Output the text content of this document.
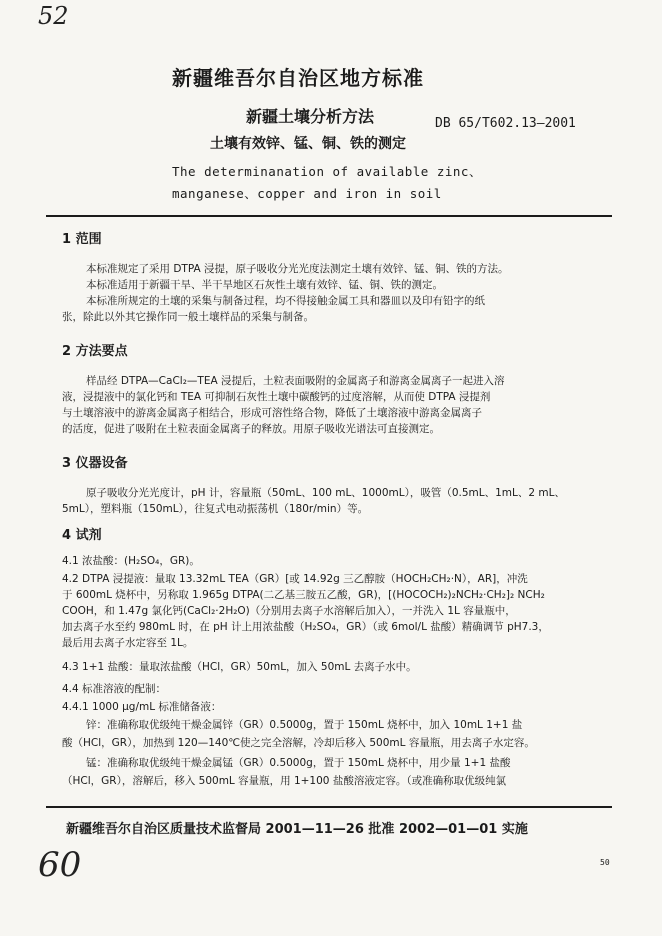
52
新疆维吾尔自治区地方标准
新疆土壤分析方法	DB 65/T602.13—2001
土壤有效锌、锰、铜、铁的测定
The determinanation of available zinc、
manganese、copper and iron in soil
1 范围
本标准规定了采用 DTPA 浸提，原子吸收分光光度法测定土壤有效锌、锰、铜、铁的方法。
本标准适用于新疆干旱、半干旱地区石灰性土壤有效锌、锰、铜、铁的测定。
本标准所规定的土壤的采集与制备过程，均不得接触金属工具和器皿以及印有铅字的纸
张，除此以外其它操作同一般土壤样品的采集与制备。
2 方法要点
样品经 DTPA—CaCl₂—TEA 浸提后，土粒表面吸附的金属离子和游离金属离子一起进入溶
液，浸提液中的氯化钙和 TEA 可抑制石灰性土壤中碳酸钙的过度溶解，从而使 DTPA 浸提剂
与土壤溶液中的游离金属离子相结合，形成可溶性络合物，降低了土壤溶液中游离金属离子
的活度，促进了吸附在土粒表面金属离子的释放。用原子吸收光谱法可直接测定。
3 仪器设备
原子吸收分光光度计，pH 计，容量瓶（50mL、100 mL、1000mL），吸管（0.5mL、1mL、2 mL、
5mL），塑料瓶（150mL），往复式电动振荡机（180r/min）等。
4 试剂
4.1 浓盐酸：(H₂SO₄，GR)。
4.2 DTPA 浸提液：量取 13.32mL TEA（GR）[或 14.92g 三乙醇胺（HOCH₂CH₂·N），AR]，冲洗
于 600mL 烧杯中，另称取 1.965g DTPA(二乙基三胺五乙酸，GR)，[(HOCOCH₂)₂NCH₂·CH₂]₂ NCH₂
COOH，和 1.47g 氯化钙(CaCl₂·2H₂O)（分别用去离子水溶解后加入），一并洗入 1L 容量瓶中，
加去离子水至约 980mL 时，在 pH 计上用浓盐酸（H₂SO₄，GR）（或 6mol/L 盐酸）精确调节 pH7.3，
最后用去离子水定容至 1L。
4.3 1+1 盐酸：量取浓盐酸（HCl，GR）50mL，加入 50mL 去离子水中。
4.4 标准溶液的配制：
4.4.1 1000 μg/mL 标准储备液：
锌：准确称取优级纯干燥金属锌（GR）0.5000g，置于 150mL 烧杯中，加入 10mL 1+1 盐
酸（HCl，GR），加热到 120—140℃使之完全溶解，冷却后移入 500mL 容量瓶，用去离子水定容。
锰：准确称取优级纯干燥金属锰（GR）0.5000g，置于 150mL 烧杯中，用少量 1+1 盐酸
（HCl，GR），溶解后，移入 500mL 容量瓶，用 1+100 盐酸溶液定容。（或准确称取优级纯氯
新疆维吾尔自治区质量技术监督局 2001—11—26 批准 2002—01—01 实施
60	50
